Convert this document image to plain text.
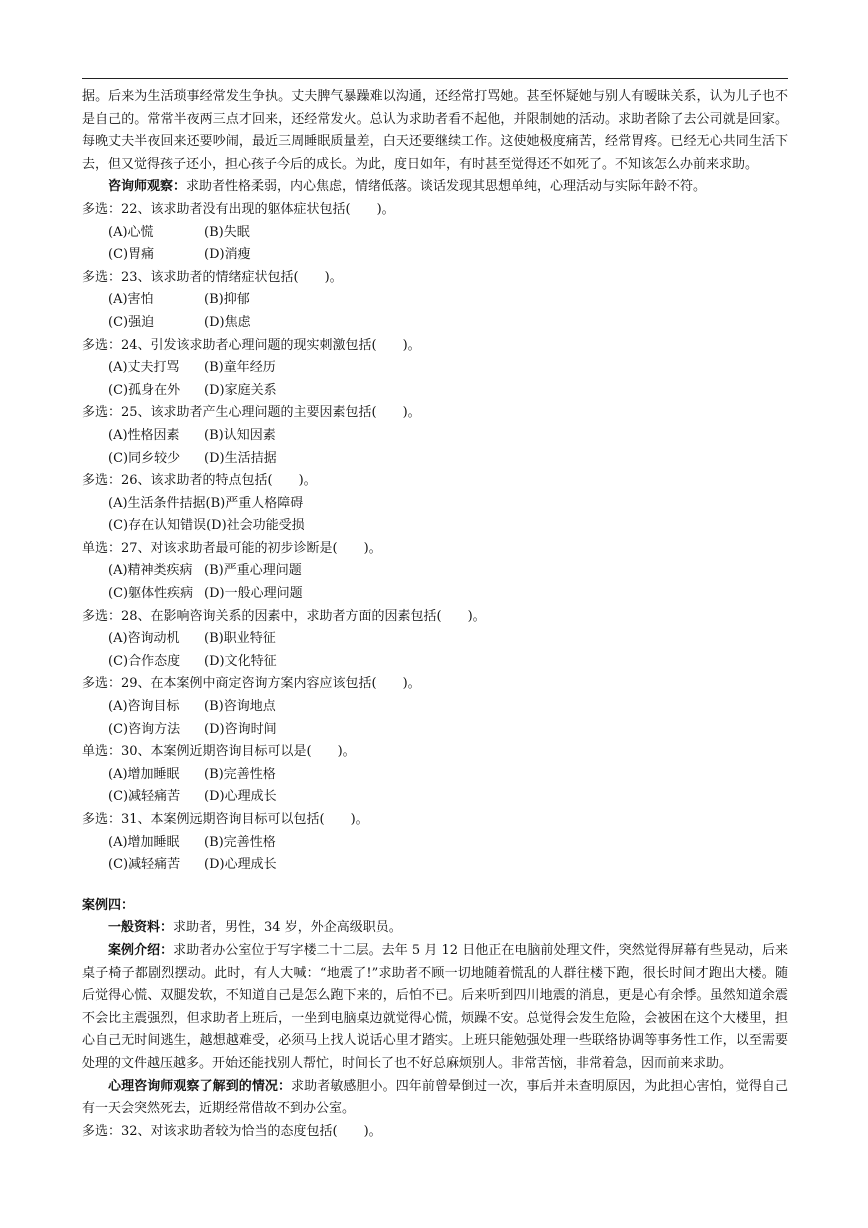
据。后来为生活琐事经常发生争执。丈夫脾气暴躁难以沟通，还经常打骂她。甚至怀疑她与别人有暧昧关系，认为儿子也不是自己的。常常半夜两三点才回来，还经常发火。总认为求助者看不起他，并限制她的活动。求助者除了去公司就是回家。每晚丈夫半夜回来还要吵闹，最近三周睡眠质量差，白天还要继续工作。这使她极度痛苦，经常胃疼。已经无心共同生活下去，但又觉得孩子还小，担心孩子今后的成长。为此，度日如年，有时甚至觉得还不如死了。不知该怎么办前来求助。

咨询师观察：求助者性格柔弱，内心焦虑，情绪低落。谈话发现其思想单纯，心理活动与实际年龄不符。

多选：22、该求助者没有出现的躯体症状包括(　　)。

(A)心慌	(B)失眠

(C)胃痛	(D)消瘦

多选：23、该求助者的情绪症状包括(　　)。

(A)害怕	(B)抑郁

(C)强迫	(D)焦虑

多选：24、引发该求助者心理问题的现实刺激包括(　　)。

(A)丈夫打骂 (B)童年经历

(C)孤身在外 (D)家庭关系

多选：25、该求助者产生心理问题的主要因素包括(　　)。

(A)性格因素 (B)认知因素

(C)同乡较少 (D)生活拮据

多选：26、该求助者的特点包括(　　)。

(A)生活条件拮据(B)严重人格障碍

(C)存在认知错误(D)社会功能受损

单选：27、对该求助者最可能的初步诊断是(　　)。

(A)精神类疾病 (B)严重心理问题

(C)躯体性疾病 (D)一般心理问题

多选：28、在影响咨询关系的因素中，求助者方面的因素包括(　　)。

(A)咨询动机 (B)职业特征

(C)合作态度 (D)文化特征

多选：29、在本案例中商定咨询方案内容应该包括(　　)。

(A)咨询目标 (B)咨询地点

(C)咨询方法 (D)咨询时间

单选：30、本案例近期咨询目标可以是(　　)。

(A)增加睡眠 (B)完善性格

(C)减轻痛苦 (D)心理成长

多选：31、本案例远期咨询目标可以包括(　　)。

(A)增加睡眠 (B)完善性格

(C)减轻痛苦 (D)心理成长

案例四：

一般资料：求助者，男性，34 岁，外企高级职员。

案例介绍：求助者办公室位于写字楼二十二层。去年 5 月 12 日他正在电脑前处理文件，突然觉得屏幕有些晃动，后来桌子椅子都剧烈摆动。此时，有人大喊：“地震了!”求助者不顾一切地随着慌乱的人群往楼下跑，很长时间才跑出大楼。随后觉得心慌、双腿发软，不知道自己是怎么跑下来的，后怕不已。后来听到四川地震的消息，更是心有余悸。虽然知道余震不会比主震强烈，但求助者上班后，一坐到电脑桌边就觉得心慌，烦躁不安。总觉得会发生危险，会被困在这个大楼里，担心自己无时间逃生，越想越难受，必须马上找人说话心里才踏实。上班只能勉强处理一些联络协调等事务性工作，以至需要处理的文件越压越多。开始还能找别人帮忙，时间长了也不好总麻烦别人。非常苦恼，非常着急，因而前来求助。

心理咨询师观察了解到的情况：求助者敏感胆小。四年前曾晕倒过一次，事后并未查明原因，为此担心害怕，觉得自己有一天会突然死去，近期经常借故不到办公室。

多选：32、对该求助者较为恰当的态度包括(　　)。
